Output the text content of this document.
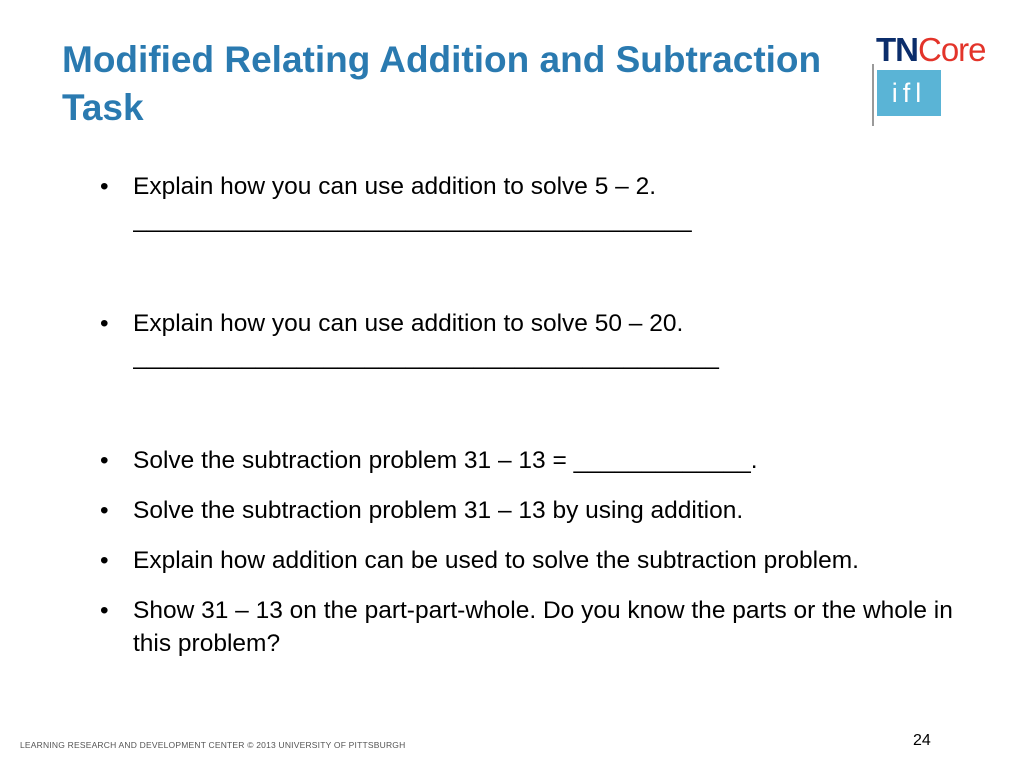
Modified Relating Addition and Subtraction Task
TNCore
ifl
• Explain how you can use addition to solve 5 – 2.
_________________________________________
• Explain how you can use addition to solve 50 – 20.
___________________________________________
• Solve the subtraction problem 31 – 13 = _____________.
• Solve the subtraction problem 31 – 13 by using addition.
• Explain how addition can be used to solve the subtraction problem.
• Show 31 – 13 on the part-part-whole. Do you know the parts or the whole in this problem?
LEARNING RESEARCH AND DEVELOPMENT CENTER © 2013 UNIVERSITY OF PITTSBURGH	24
